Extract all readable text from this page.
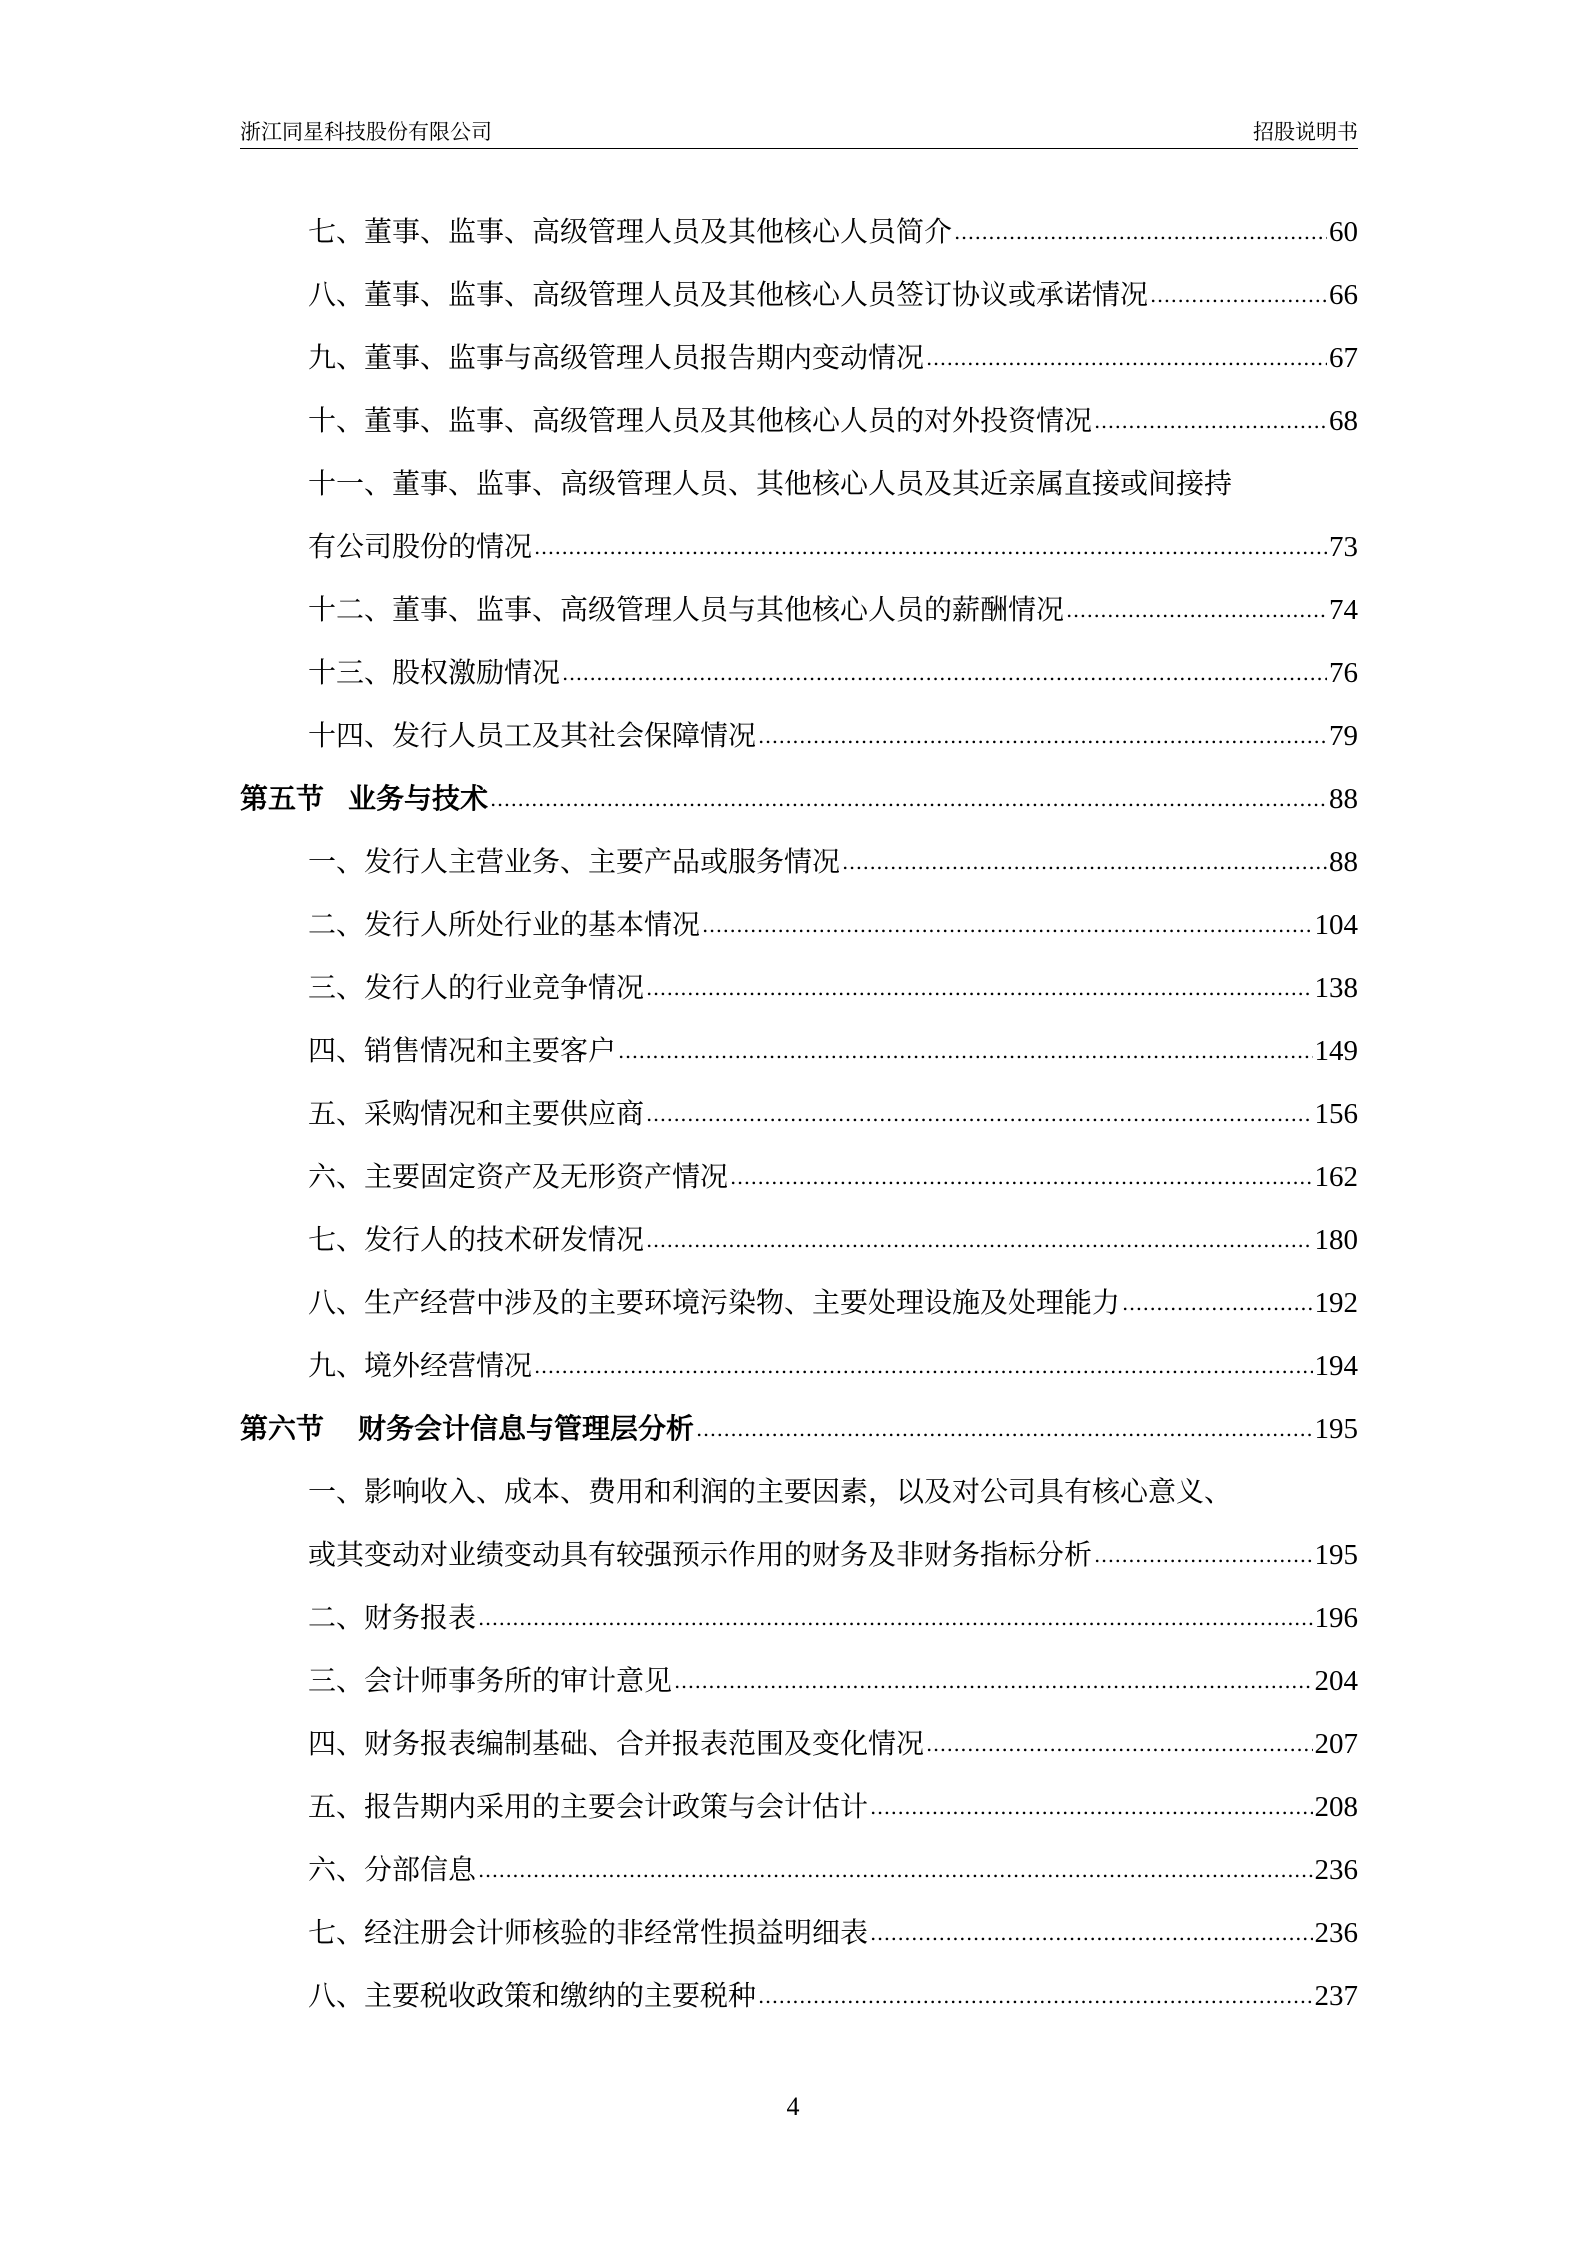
浙江同星科技股份有限公司	招股说明书
七、董事、监事、高级管理人员及其他核心人员简介 .....	60
八、董事、监事、高级管理人员及其他核心人员签订协议或承诺情况 .....	66
九、董事、监事与高级管理人员报告期内变动情况 .....	67
十、董事、监事、高级管理人员及其他核心人员的对外投资情况 .....	68
十一、董事、监事、高级管理人员、其他核心人员及其近亲属直接或间接持
有公司股份的情况 .....	73
十二、董事、监事、高级管理人员与其他核心人员的薪酬情况 .....	74
十三、股权激励情况 .....	76
十四、发行人员工及其社会保障情况 .....	79
第五节 业务与技术 .....	88
一、发行人主营业务、主要产品或服务情况 .....	88
二、发行人所处行业的基本情况 .....	104
三、发行人的行业竞争情况 .....	138
四、销售情况和主要客户 .....	149
五、采购情况和主要供应商 .....	156
六、主要固定资产及无形资产情况 .....	162
七、发行人的技术研发情况 .....	180
八、生产经营中涉及的主要环境污染物、主要处理设施及处理能力 .....	192
九、境外经营情况 .....	194
第六节 财务会计信息与管理层分析 .....	195
一、影响收入、成本、费用和利润的主要因素，以及对公司具有核心意义、
或其变动对业绩变动具有较强预示作用的财务及非财务指标分析 .....	195
二、财务报表 .....	196
三、会计师事务所的审计意见 .....	204
四、财务报表编制基础、合并报表范围及变化情况 .....	207
五、报告期内采用的主要会计政策与会计估计 .....	208
六、分部信息 .....	236
七、经注册会计师核验的非经常性损益明细表 .....	236
八、主要税收政策和缴纳的主要税种 .....	237
4
